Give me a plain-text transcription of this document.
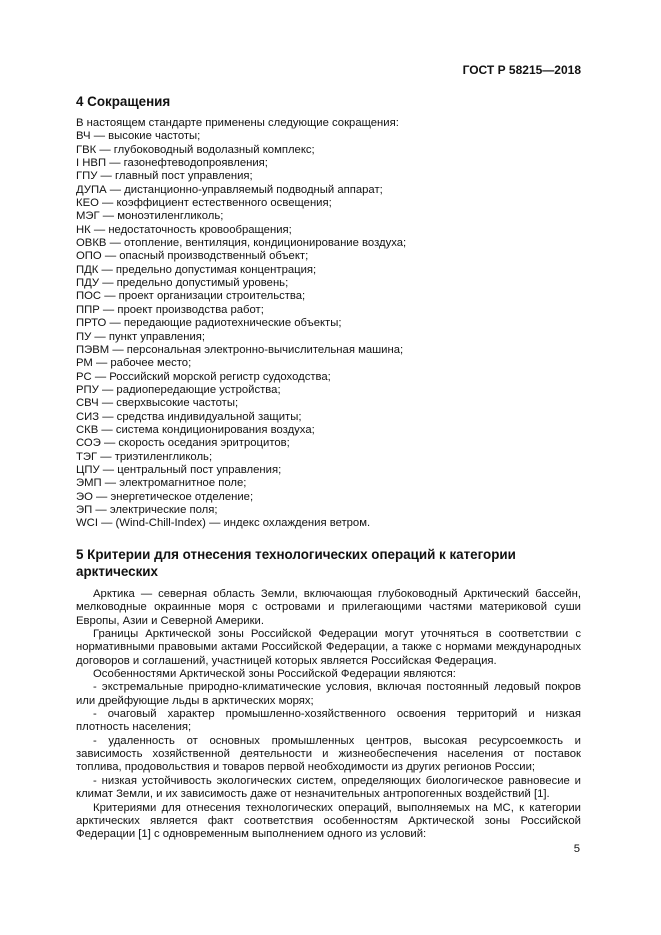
ГОСТ Р 58215—2018
4 Сокращения
В настоящем стандарте применены следующие сокращения:
ВЧ — высокие частоты;
ГВК — глубоководный водолазный комплекс;
I НВП — газонефтеводопроявления;
ГПУ — главный пост управления;
ДУПА — дистанционно-управляемый подводный аппарат;
КЕО — коэффициент естественного освещения;
МЭГ — моноэтиленгликоль;
НК — недостаточность кровообращения;
ОВКВ — отопление, вентиляция, кондиционирование воздуха;
ОПО — опасный производственный объект;
ПДК — предельно допустимая концентрация;
ПДУ — предельно допустимый уровень;
ПОС — проект организации строительства;
ППР — проект производства работ;
ПРТО — передающие радиотехнические объекты;
ПУ — пункт управления;
ПЭВМ — персональная электронно-вычислительная машина;
РМ — рабочее место;
PC — Российский морской регистр судоходства;
РПУ — радиопередающие устройства;
СВЧ — сверхвысокие частоты;
СИЗ — средства индивидуальной защиты;
СКВ — система кондиционирования воздуха;
СОЭ — скорость оседания эритроцитов;
ТЭГ — триэтиленгликоль;
ЦПУ — центральный пост управления;
ЭМП — электромагнитное поле;
ЭО — энергетическое отделение;
ЭП — электрические поля;
WCI — (Wind-Chill-Index) — индекс охлаждения ветром.
5 Критерии для отнесения технологических операций к категории арктических

Арктика — северная область Земли, включающая глубоководный Арктический бассейн, мелководные окраинные моря с островами и прилегающими частями материковой суши Европы, Азии и Северной Америки.

Границы Арктической зоны Российской Федерации могут уточняться в соответствии с нормативными правовыми актами Российской Федерации, а также с нормами международных договоров и соглашений, участницей которых является Российская Федерация.

Особенностями Арктической зоны Российской Федерации являются:

- экстремальные природно-климатические условия, включая постоянный ледовый покров или дрейфующие льды в арктических морях;

- очаговый характер промышленно-хозяйственного освоения территорий и низкая плотность населения;

- удаленность от основных промышленных центров, высокая ресурсоемкость и зависимость хозяйственной деятельности и жизнеобеспечения населения от поставок топлива, продовольствия и товаров первой необходимости из других регионов России;

- низкая устойчивость экологических систем, определяющих биологическое равновесие и климат Земли, и их зависимость даже от незначительных антропогенных воздействий [1].

Критериями для отнесения технологических операций, выполняемых на МС, к категории арктических является факт соответствия особенностям Арктической зоны Российской Федерации [1] с одновременным выполнением одного из условий:

5
